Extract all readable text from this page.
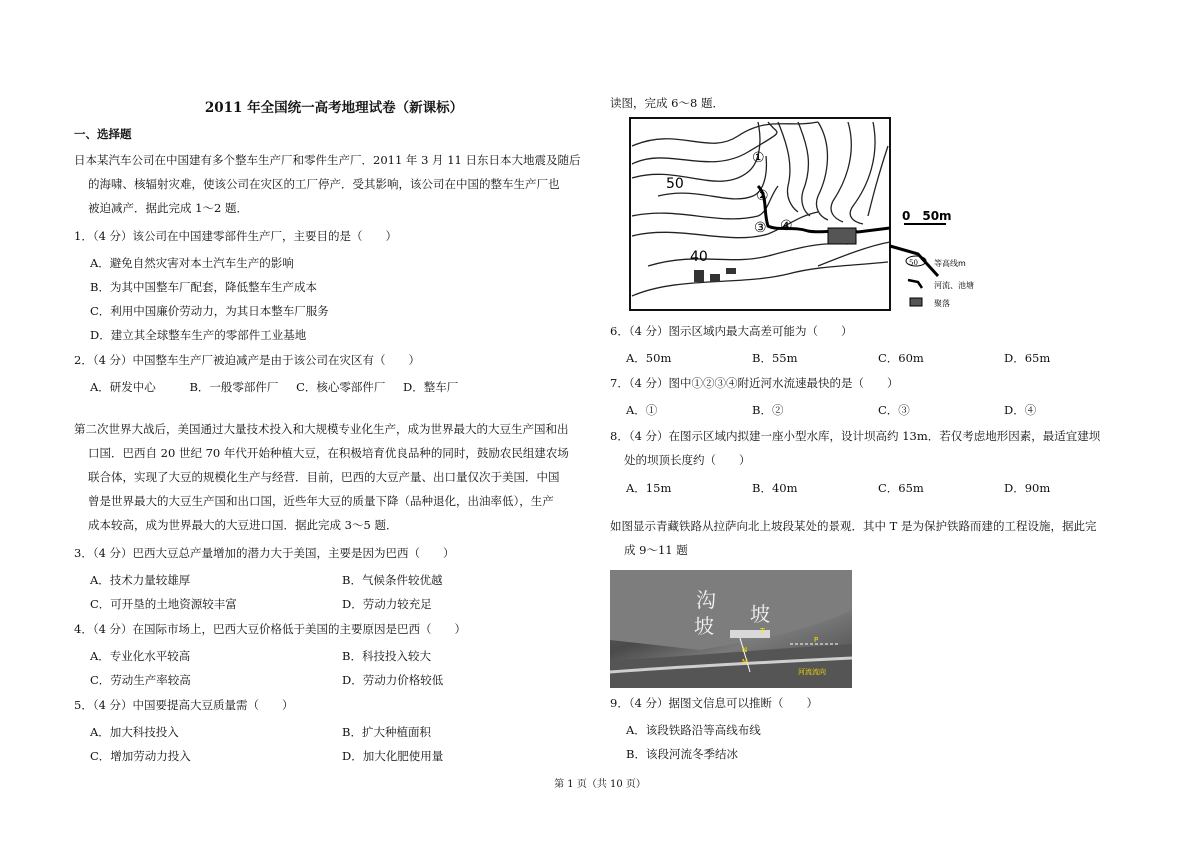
2011 年全国统一高考地理试卷（新课标）
一、选择题
日本某汽车公司在中国建有多个整车生产厂和零件生产厂．2011 年 3 月 11 日东日本大地震及随后
的海啸、核辐射灾难，使该公司在灾区的工厂停产．受其影响，该公司在中国的整车生产厂也
被迫减产．据此完成 1～2 题．
1．（4 分）该公司在中国建零部件生产厂，主要目的是（　　）
A．避免自然灾害对本土汽车生产的影响
B．为其中国整车厂配套，降低整车生产成本
C．利用中国廉价劳动力，为其日本整车厂服务
D．建立其全球整车生产的零部件工业基地
2．（4 分）中国整车生产厂被迫减产是由于该公司在灾区有（　　）
A．研发中心	B．一般零部件厂 C．核心零部件厂 D．整车厂
第二次世界大战后，美国通过大量技术投入和大规模专业化生产，成为世界最大的大豆生产国和出
口国．巴西自 20 世纪 70 年代开始种植大豆，在积极培育优良品种的同时，鼓励农民组建农场
联合体，实现了大豆的规模化生产与经营．目前，巴西的大豆产量、出口量仅次于美国．中国
曾是世界最大的大豆生产国和出口国，近些年大豆的质量下降（品种退化，出油率低），生产
成本较高，成为世界最大的大豆进口国．据此完成 3～5 题．
3．（4 分）巴西大豆总产量增加的潜力大于美国，主要是因为巴西（　　）
A．技术力量较雄厚	B．气候条件较优越
C．可开垦的土地资源较丰富	D．劳动力较充足
4．（4 分）在国际市场上，巴西大豆价格低于美国的主要原因是巴西（　　）
A．专业化水平较高	B．科技投入较大
C．劳动生产率较高	D．劳动力价格较低
5．（4 分）中国要提高大豆质量需（　　）
A．加大科技投入	B．扩大种植面积
C．增加劳动力投入	D．加大化肥使用量
读图，完成 6～8 题．
50
40
①
②
③ ④
0　50m
50 等高线m
河流、池塘
聚落
6．（4 分）图示区域内最大高差可能为（　　）
A．50m	B．55m	C．60m	D．65m
7．（4 分）图中①②③④附近河水流速最快的是（　　）
A．①	B．②	C．③	D．④
8．（4 分）在图示区域内拟建一座小型水库，设计坝高约 13m．若仅考虑地形因素，最适宜建坝
处的坝顶长度约（　　）
A．15m	B．40m	C．65m	D．90m
如图显示青藏铁路从拉萨向北上坡段某处的景观．其中 T 是为保护铁路而建的工程设施，据此完
成 9～11 题
沟
坡 坡
T
P
N
M
河流流向
9．（4 分）据图文信息可以推断（　　）
A．该段铁路沿等高线布线
B．该段河流冬季结冰
第 1 页（共 10 页）
